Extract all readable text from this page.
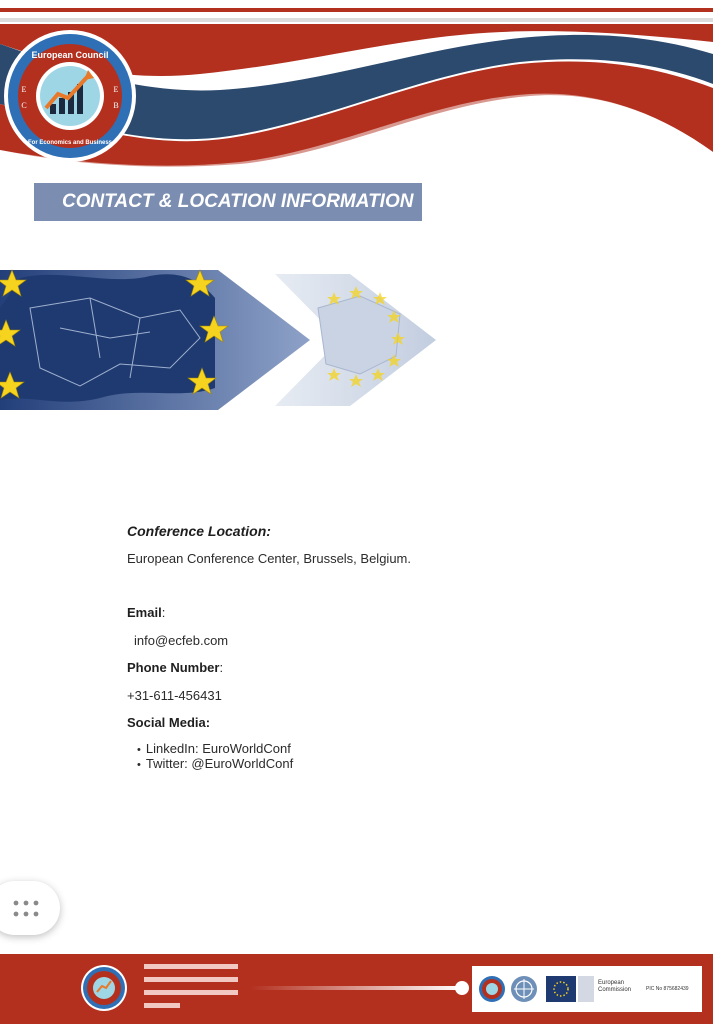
European Council
For Economics and Business
E
C
E
B
CONTACT & LOCATION INFORMATION
Conference Location:
European Conference Center, Brussels, Belgium.
Email:
info@ecfeb.com
Phone Number:
+31-611-456431
Social Media:
• LinkedIn: EuroWorldConf
• Twitter: @EuroWorldConf
European
Commission	PIC No 875682439
